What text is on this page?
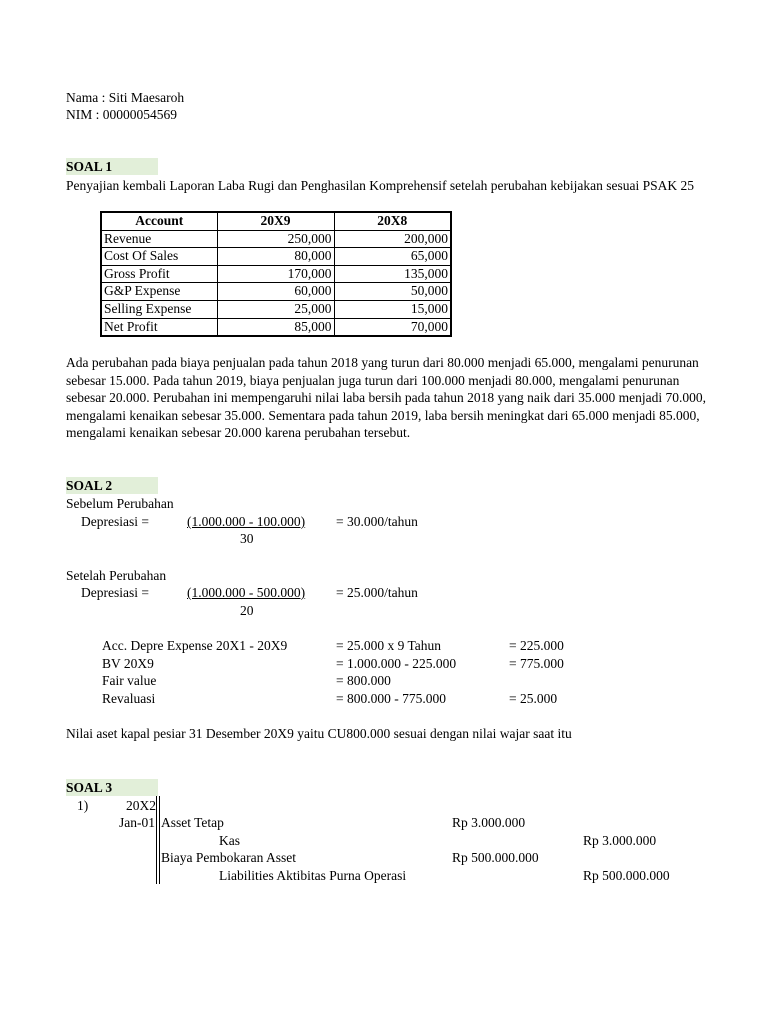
Nama : Siti Maesaroh
NIM : 00000054569
SOAL 1
Penyajian kembali Laporan Laba Rugi dan Penghasilan Komprehensif setelah perubahan kebijakan sesuai PSAK 25
Account	20X9	20X8
Revenue	250,000	200,000
Cost Of Sales	80,000	65,000
Gross Profit	170,000	135,000
G&P Expense	60,000	50,000
Selling Expense	25,000	15,000
Net Profit	85,000	70,000
Ada perubahan pada biaya penjualan pada tahun 2018 yang turun dari 80.000 menjadi 65.000, mengalami penurunan sebesar 15.000. Pada tahun 2019, biaya penjualan juga turun dari 100.000 menjadi 80.000, mengalami penurunan sebesar 20.000. Perubahan ini mempengaruhi nilai laba bersih pada tahun 2018 yang naik dari 35.000 menjadi 70.000, mengalami kenaikan sebesar 35.000. Sementara pada tahun 2019, laba bersih meningkat dari 65.000 menjadi 85.000, mengalami kenaikan sebesar 20.000 karena perubahan tersebut.
SOAL 2
Sebelum Perubahan
Depresiasi =	(1.000.000 - 100.000) = 30.000/tahun
30
Setelah Perubahan
Depresiasi =	(1.000.000 - 500.000) = 25.000/tahun
20
Acc. Depre Expense 20X1 - 20X9	= 25.000 x 9 Tahun	= 225.000
BV 20X9	= 1.000.000 - 225.000	= 775.000
Fair value	= 800.000
Revaluasi	= 800.000 - 775.000	= 25.000
Nilai aset kapal pesiar 31 Desember 20X9 yaitu CU800.000 sesuai dengan nilai wajar saat itu
SOAL 3
1)	20X2
Jan-01 Asset Tetap	Rp 3.000.000
Kas	Rp 3.000.000
Biaya Pembokaran Asset	Rp 500.000.000
Liabilities Aktibitas Purna Operasi	Rp 500.000.000
